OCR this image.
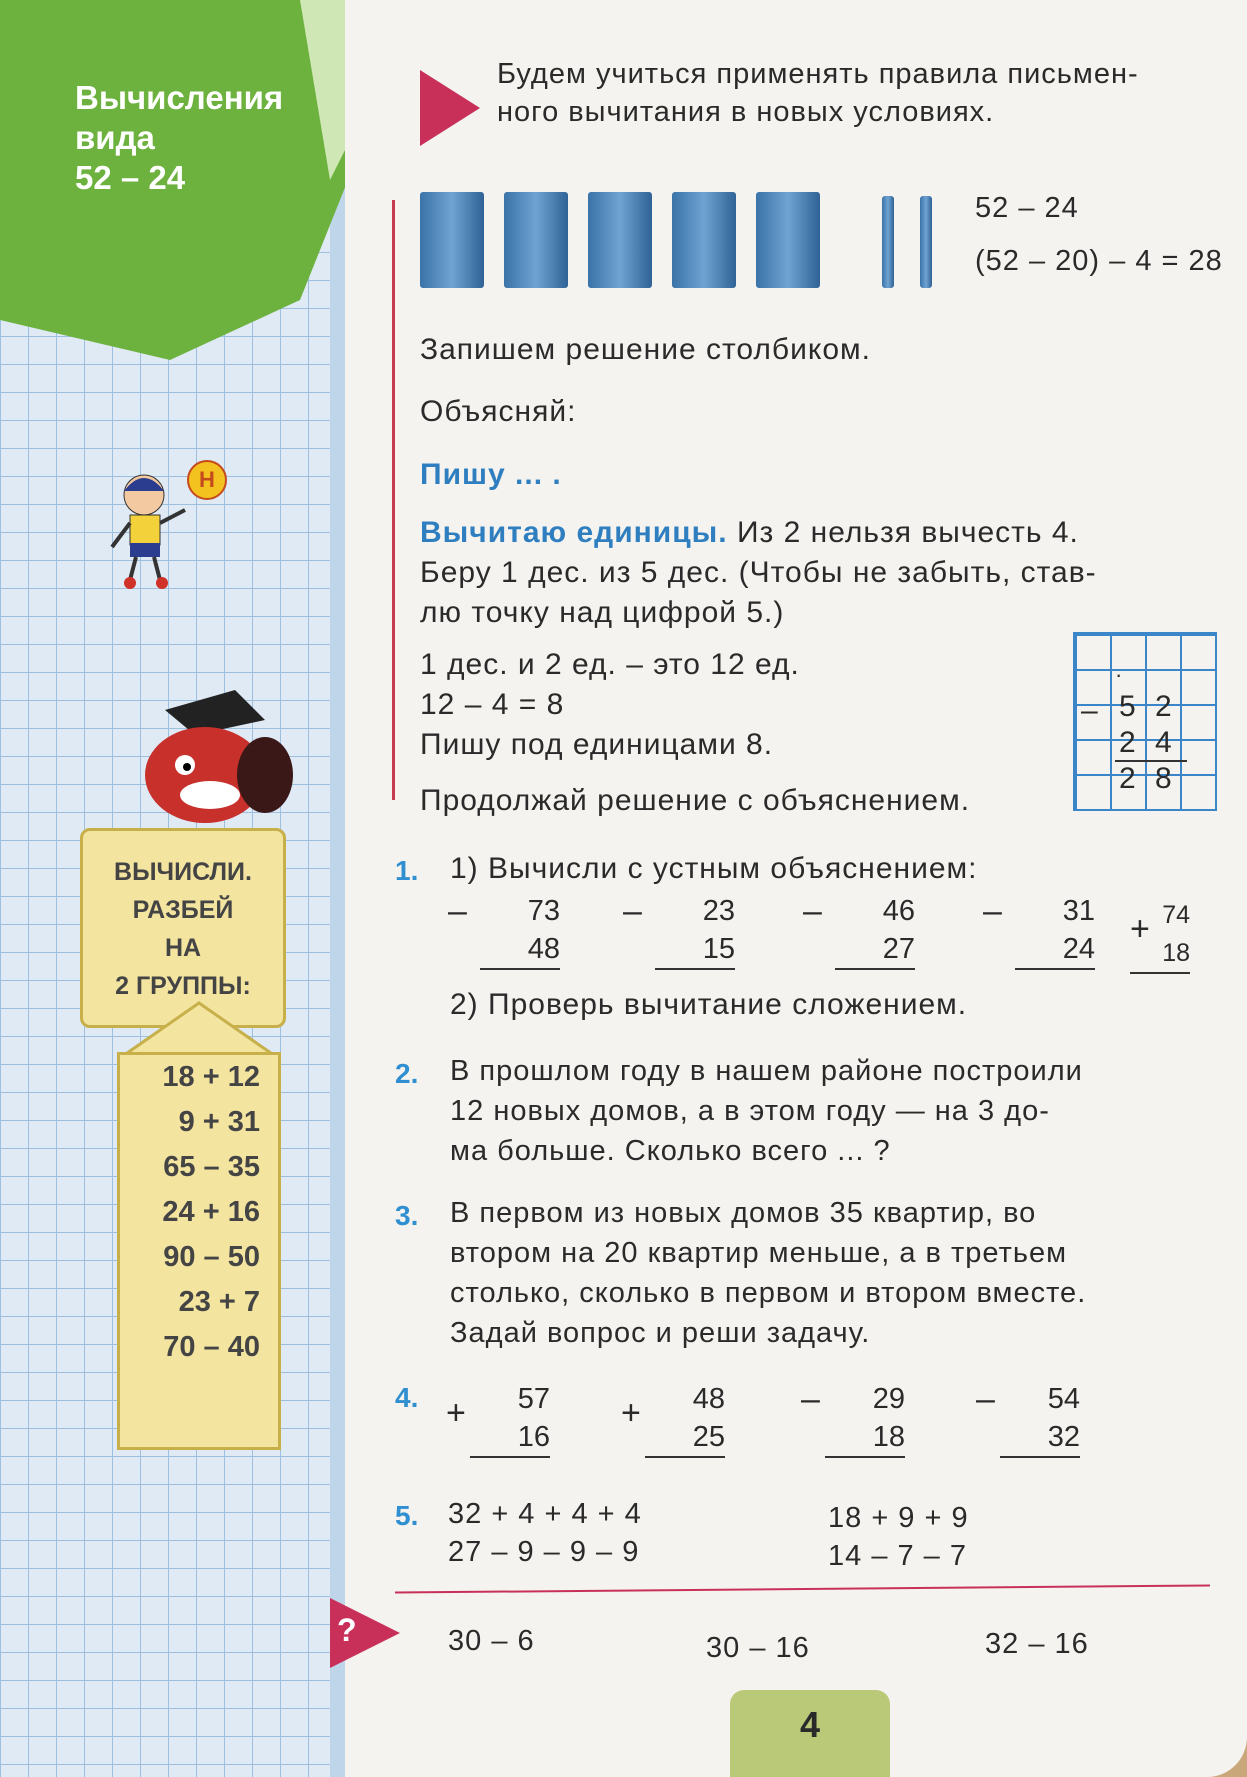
Вычисления
вида
52 – 24
Н
ВЫЧИСЛИ.
РАЗБЕЙ
НА
2 ГРУППЫ:
18 + 12
9 + 31
65 – 35
24 + 16
90 – 50
23 + 7
70 – 40
Будем учиться применять правила письмен-
ного вычитания в новых условиях.
52 – 24
(52 – 20) – 4 = 28
Запишем решение столбиком.
Объясняй:
Пишу ... .
Вычитаю единицы. Из 2 нельзя вычесть 4.
Беру 1 дес. из 5 дес. (Чтобы не забыть, став-
лю точку над цифрой 5.)
1 дес. и 2 ед. – это 12 ед.
12 – 4 = 8
Пишу под единицами 8.
Продолжай решение с объяснением.
·
– 5 2
2 4
2 8
1. 1) Вычисли с устным объяснением:
–	73
48
–	23
15
–	46
27
–	31
24
+ 74
18
2) Проверь вычитание сложением.
2. В прошлом году в нашем районе построили
12 новых домов, а в этом году — на 3 до-
ма больше. Сколько всего ... ?
3. В первом из новых домов 35 квартир, во
втором на 20 квартир меньше, а в третьем
столько, сколько в первом и втором вместе.
Задай вопрос и реши задачу.
4. +	57
16
+	48
25
–	29
18
–	54
32
5. 32 + 4 + 4 + 4
27 – 9 – 9 – 9
18 + 9 + 9
14 – 7 – 7
?	30 – 6	30 – 16	32 – 16
4
